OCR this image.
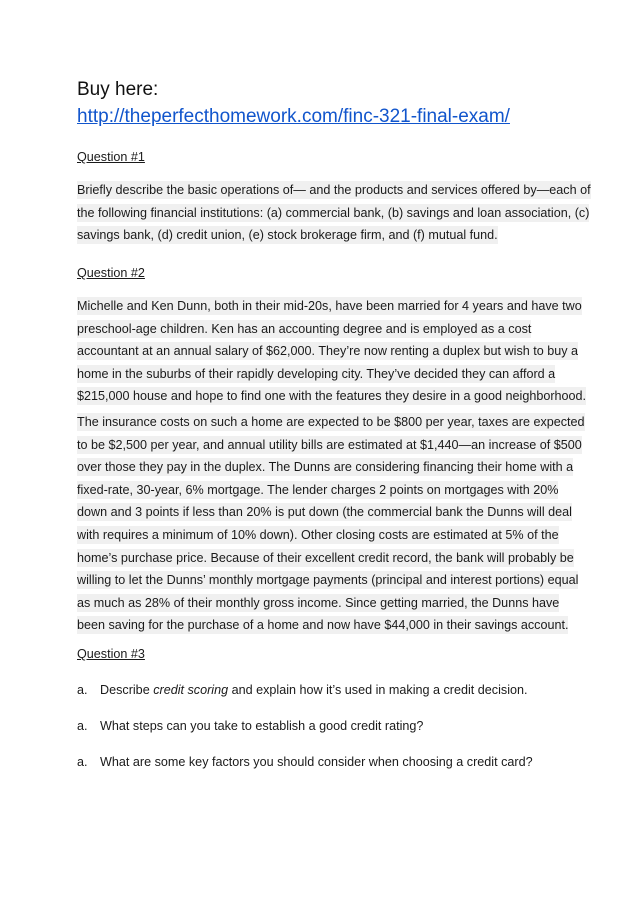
Buy here:
http://theperfecthomework.com/finc-321-final-exam/
Question #1
Briefly describe the basic operations of— and the products and services offered by—each of
the following financial institutions: (a) commercial bank, (b) savings and loan association, (c)
savings bank, (d) credit union, (e) stock brokerage firm, and (f) mutual fund.
Question #2
Michelle and Ken Dunn, both in their mid-20s, have been married for 4 years and have two
preschool-age children. Ken has an accounting degree and is employed as a cost
accountant at an annual salary of $62,000. They’re now renting a duplex but wish to buy a
home in the suburbs of their rapidly developing city. They’ve decided they can afford a
$215,000 house and hope to find one with the features they desire in a good neighborhood.
The insurance costs on such a home are expected to be $800 per year, taxes are expected
to be $2,500 per year, and annual utility bills are estimated at $1,440—an increase of $500
over those they pay in the duplex. The Dunns are considering financing their home with a
fixed-rate, 30-year, 6% mortgage. The lender charges 2 points on mortgages with 20%
down and 3 points if less than 20% is put down (the commercial bank the Dunns will deal
with requires a minimum of 10% down). Other closing costs are estimated at 5% of the
home’s purchase price. Because of their excellent credit record, the bank will probably be
willing to let the Dunns’ monthly mortgage payments (principal and interest portions) equal
as much as 28% of their monthly gross income. Since getting married, the Dunns have
been saving for the purchase of a home and now have $44,000 in their savings account.
Question #3
a. Describe credit scoring and explain how it’s used in making a credit decision.
a. What steps can you take to establish a good credit rating?
a. What are some key factors you should consider when choosing a credit card?
